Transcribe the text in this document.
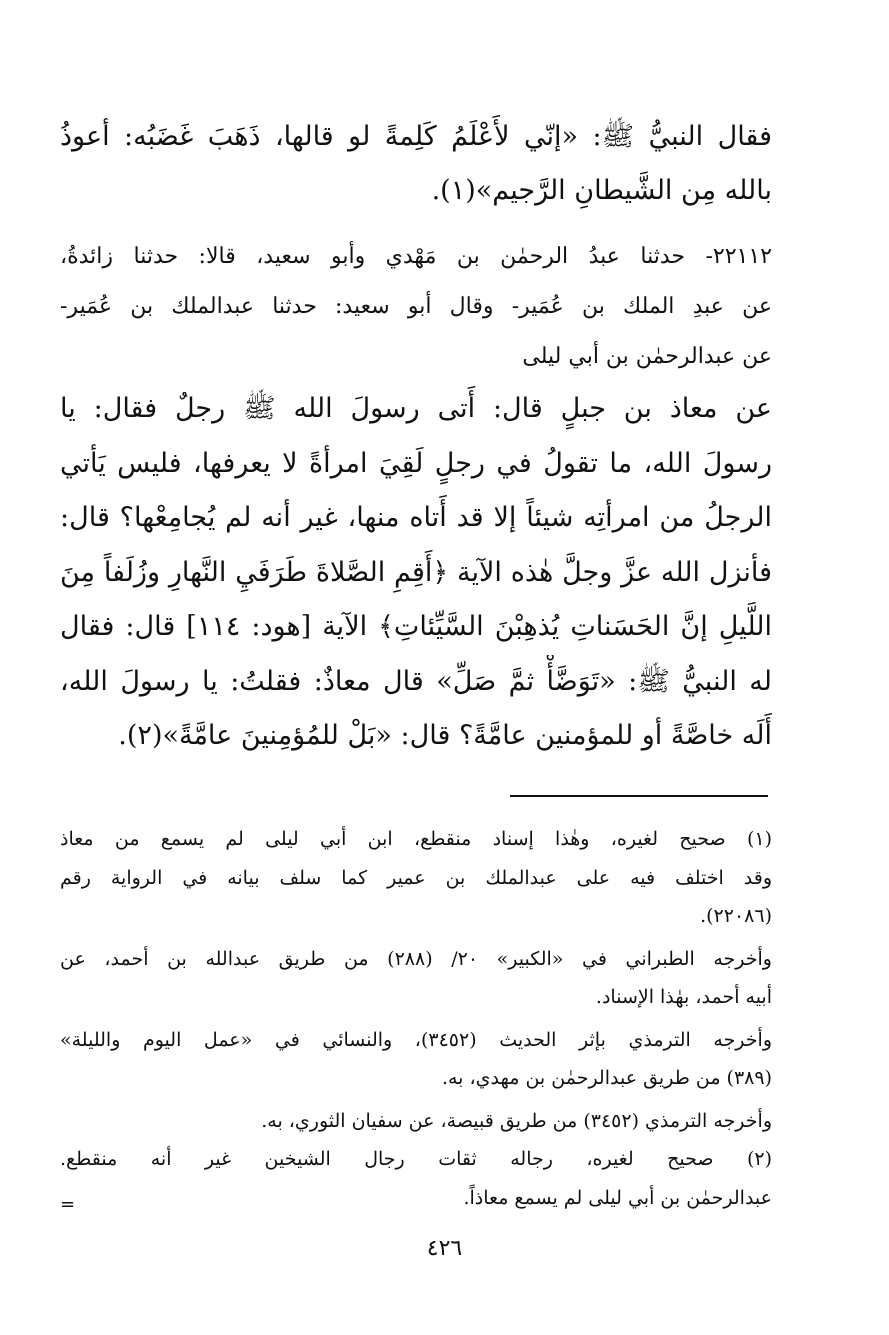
فقال النبيُّ ﷺ: «إنّي لأَعْلَمُ كَلِمةً لو قالها، ذَهَبَ غَضَبُه: أعوذُ
بالله مِن الشَّيطانِ الرَّجيم»(١).
٢٢١١٢- حدثنا عبدُ الرحمٰن بن مَهْدي وأبو سعيد، قالا: حدثنا زائدةُ،
عن عبدِ الملك بن عُمَير- وقال أبو سعيد: حدثنا عبدالملك بن عُمَير-
عن عبدالرحمٰن بن أبي ليلى
عن معاذ بن جبلٍ قال: أَتى رسولَ الله ﷺ رجلٌ فقال: يا
رسولَ الله، ما تقولُ في رجلٍ لَقِيَ امرأةً لا يعرفها، فليس يَأتي
الرجلُ من امرأتِه شيئاً إلا قد أَتاه منها، غير أنه لم يُجامِعْها؟ قال:
فأنزل الله عزَّ وجلَّ هٰذه الآية ﴿أَقِمِ الصَّلاةَ طَرَفَيِ النَّهارِ وزُلَفاً مِنَ
اللَّيلِ إنَّ الحَسَناتِ يُذهِبْنَ السَّيِّئاتِ﴾ الآية [هود: ١١٤] قال: فقال
له النبيُّ ﷺ: «تَوَضَّأْ ثمَّ صَلِّ» قال معاذٌ: فقلتُ: يا رسولَ الله،
أَلَه خاصَّةً أو للمؤمنين عامَّةً؟ قال: «بَلْ للمُؤمِنينَ عامَّةً»(٢).
(١) صحيح لغيره، وهٰذا إسناد منقطع، ابن أبي ليلى لم يسمع من معاذ
وقد اختلف فيه على عبدالملك بن عمير كما سلف بيانه في الرواية رقم
(٢٢٠٨٦).
وأخرجه الطبراني في «الكبير» ٢٠/ (٢٨٨) من طريق عبدالله بن أحمد، عن
أبيه أحمد، بهٰذا الإسناد.
وأخرجه الترمذي بإثر الحديث (٣٤٥٢)، والنسائي في «عمل اليوم والليلة»
(٣٨٩) من طريق عبدالرحمٰن بن مهدي، به.
وأخرجه الترمذي (٣٤٥٢) من طريق قبيصة، عن سفيان الثوري، به.
(٢) صحيح لغيره، رجاله ثقات رجال الشيخين غير أنه منقطع.
عبدالرحمٰن بن أبي ليلى لم يسمع معاذاً.
=
٤٢٦
